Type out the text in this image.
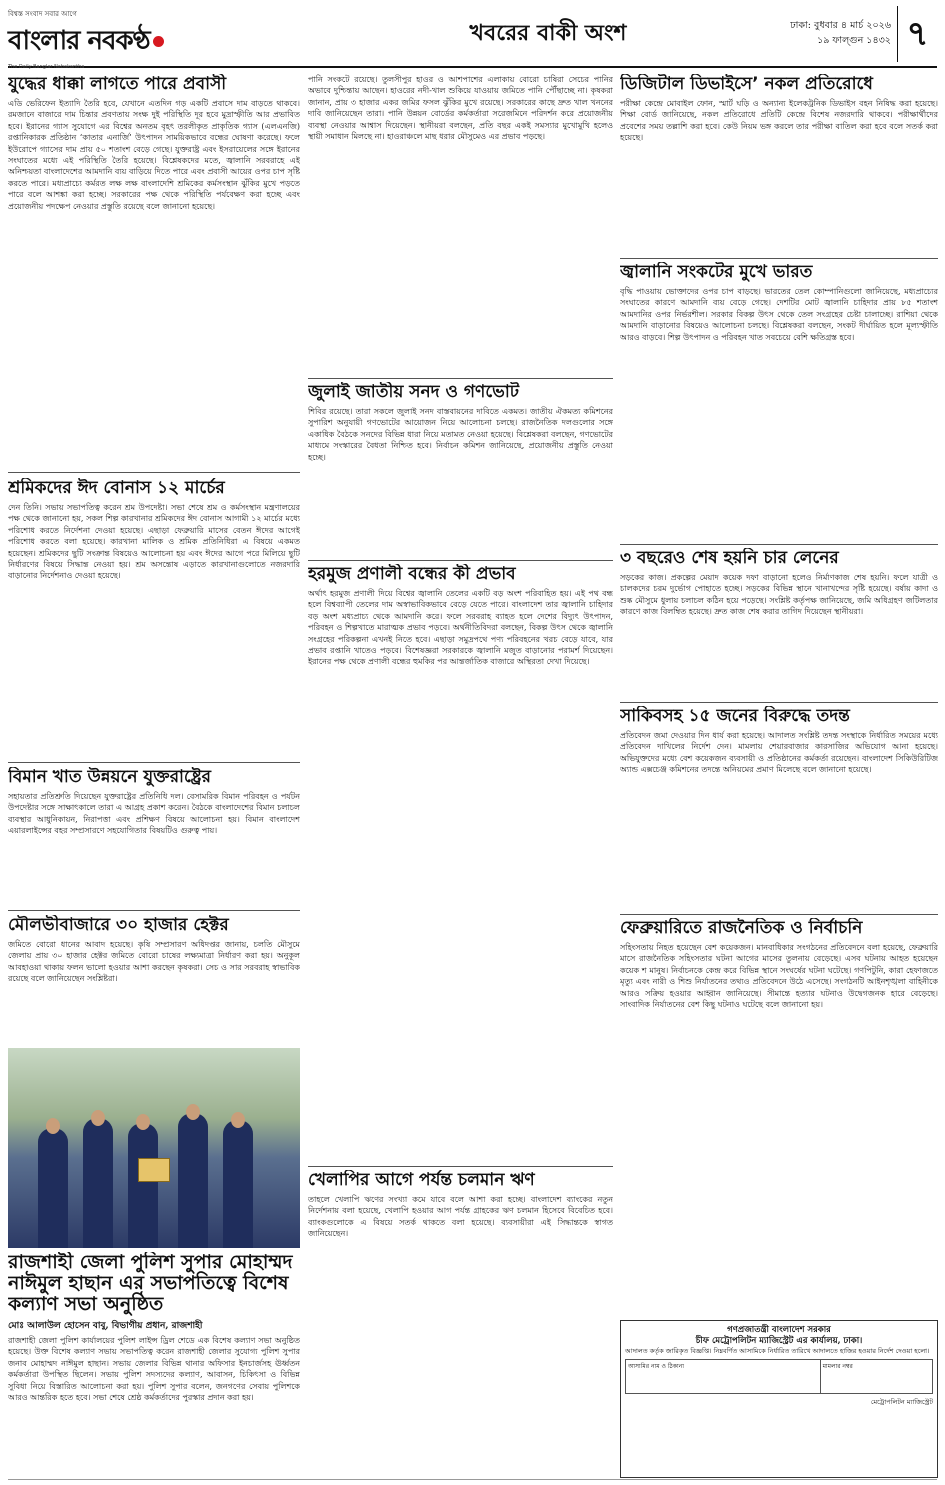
বিশ্বস্ত সংবাদ সবার আগে
বাংলার নবকণ্ঠ
The Daily Banglar Nabakantha
খবরের বাকী অংশ	ঢাকা: বুধবার ৪ মার্চ ২০২৬
১৯ ফাল্গুন ১৪৩২ ৭
যুদ্ধের ধাক্কা লাগতে পারে প্রবাসী

এডি ভেরিফেন ইত্যাদি তৈরি হবে, যেখানে এতদিন গড় একটি প্রবাসে দাম বাড়তে থাকবে। রমজানে বাজারে দাম চিন্তার প্রবণতায় সংক্ষ দুই পরিস্থিতি দূর হবে মুদ্রাস্ফীতি আর প্রভাবিত হবে। ইরানের গ্যাস সুযোগে এর বিশ্বের অনতম বৃহৎ তরলীকৃত প্রাকৃতিক গ্যাস (এলএনজি) রপ্তানিকারক প্রতিষ্ঠান ‘কাতার এনার্জি’ উৎপাদন সাময়িকভাবে বন্ধের ঘোষণা করেছে। ফলে ইউরোপে গ্যাসের দাম প্রায় ৫০ শতাংশ বেড়ে গেছে। যুক্তরাষ্ট্র এবং ইসরায়েলের সঙ্গে ইরানের সংঘাতের মধ্যে এই পরিস্থিতি তৈরি হয়েছে। বিশ্লেষকদের মতে, জ্বালানি সরবরাহে এই অনিশ্চয়তা বাংলাদেশের আমদানি ব্যয় বাড়িয়ে দিতে পারে এবং প্রবাসী আয়ের ওপর চাপ সৃষ্টি করতে পারে। মধ্যপ্রাচ্যে কর্মরত লক্ষ লক্ষ বাংলাদেশি শ্রমিকের কর্মসংস্থান ঝুঁকির মুখে পড়তে পারে বলে আশঙ্কা করা হচ্ছে। সরকারের পক্ষ থেকে পরিস্থিতি পর্যবেক্ষণ করা হচ্ছে এবং প্রয়োজনীয় পদক্ষেপ নেওয়ার প্রস্তুতি রয়েছে বলে জানানো হয়েছে।

শ্রমিকদের ঈদ বোনাস ১২ মার্চের

দেন তিনি। সভায় সভাপতিত্ব করেন শ্রম উপদেষ্টা। সভা শেষে শ্রম ও কর্মসংস্থান মন্ত্রণালয়ের পক্ষ থেকে জানানো হয়, সকল শিল্প কারখানার শ্রমিকদের ঈদ বোনাস আগামী ১২ মার্চের মধ্যে পরিশোধ করতে নির্দেশনা দেওয়া হয়েছে। এছাড়া ফেব্রুয়ারি মাসের বেতন ঈদের আগেই পরিশোধ করতে বলা হয়েছে। কারখানা মালিক ও শ্রমিক প্রতিনিধিরা এ বিষয়ে একমত হয়েছেন। শ্রমিকদের ছুটি সংক্রান্ত বিষয়েও আলোচনা হয় এবং ঈদের আগে পরে মিলিয়ে ছুটি নির্ধারণের বিষয়ে সিদ্ধান্ত নেওয়া হয়। শ্রম অসন্তোষ এড়াতে কারখানাগুলোতে নজরদারি বাড়ানোর নির্দেশনাও দেওয়া হয়েছে।

বিমান খাত উন্নয়নে যুক্তরাষ্ট্রের

সহায়তার প্রতিশ্রুতি দিয়েছেন যুক্তরাষ্ট্রের প্রতিনিধি দল। বেসামরিক বিমান পরিবহন ও পর্যটন উপদেষ্টার সঙ্গে সাক্ষাৎকালে তারা এ আগ্রহ প্রকাশ করেন। বৈঠকে বাংলাদেশের বিমান চলাচল ব্যবস্থার আধুনিকায়ন, নিরাপত্তা এবং প্রশিক্ষণ বিষয়ে আলোচনা হয়। বিমান বাংলাদেশ এয়ারলাইন্সের বহর সম্প্রসারণে সহযোগিতার বিষয়টিও গুরুত্ব পায়।

মৌলভীবাজারে ৩০ হাজার হেক্টর

জমিতে বোরো ধানের আবাদ হয়েছে। কৃষি সম্প্রসারণ অধিদপ্তর জানায়, চলতি মৌসুমে জেলায় প্রায় ৩০ হাজার হেক্টর জমিতে বোরো চাষের লক্ষ্যমাত্রা নির্ধারণ করা হয়। অনুকূল আবহাওয়া থাকায় ফলন ভালো হওয়ার আশা করছেন কৃষকরা। সেচ ও সার সরবরাহ স্বাভাবিক রয়েছে বলে জানিয়েছেন সংশ্লিষ্টরা।

রাজশাহী জেলা পুলিশ সুপার মোহাম্মদ নাঈমুল হাছান এর সভাপতিত্বে বিশেষ কল্যাণ সভা অনুষ্ঠিত
মোঃ আলাউল হোসেন বাবু, বিভাগীয় প্রধান, রাজশাহী

রাজশাহী জেলা পুলিশ কার্যালয়ের পুলিশ লাইন্স ড্রিল শেডে এক বিশেষ কল্যাণ সভা অনুষ্ঠিত হয়েছে। উক্ত বিশেষ কল্যাণ সভায় সভাপতিত্ব করেন রাজশাহী জেলার সুযোগ্য পুলিশ সুপার জনাব মোহাম্মদ নাঈমুল হাছান। সভায় জেলার বিভিন্ন থানার অফিসার ইনচার্জসহ ঊর্ধ্বতন কর্মকর্তারা উপস্থিত ছিলেন। সভায় পুলিশ সদস্যদের কল্যাণ, আবাসন, চিকিৎসা ও বিভিন্ন সুবিধা নিয়ে বিস্তারিত আলোচনা করা হয়। পুলিশ সুপার বলেন, জনগণের সেবায় পুলিশকে আরও আন্তরিক হতে হবে। সভা শেষে শ্রেষ্ঠ কর্মকর্তাদের পুরস্কার প্রদান করা হয়।

পানি সংকটে রয়েছে। তুলসীপুর হাওর ও আশপাশের এলাকায় বোরো চাষিরা সেচের পানির অভাবে দুশ্চিন্তায় আছেন। হাওরের নদী-খাল শুকিয়ে যাওয়ায় জমিতে পানি পৌঁছাচ্ছে না। কৃষকরা জানান, প্রায় ৩ হাজার একর জমির ফসল ঝুঁকির মুখে রয়েছে। সরকারের কাছে দ্রুত খাল খননের দাবি জানিয়েছেন তারা। পানি উন্নয়ন বোর্ডের কর্মকর্তারা সরেজমিনে পরিদর্শন করে প্রয়োজনীয় ব্যবস্থা নেওয়ার আশ্বাস দিয়েছেন। স্থানীয়রা বলছেন, প্রতি বছর একই সমস্যার মুখোমুখি হলেও স্থায়ী সমাধান মিলছে না। হাওরাঞ্চলে মাছ ধরার মৌসুমেও এর প্রভাব পড়ছে।

জুলাই জাতীয় সনদ ও গণভোট

শিবির রয়েছে। তারা সকলে জুলাই সনদ বাস্তবায়নের দাবিতে একমত। জাতীয় ঐকমত্য কমিশনের সুপারিশ অনুযায়ী গণভোটের আয়োজন নিয়ে আলোচনা চলছে। রাজনৈতিক দলগুলোর সঙ্গে একাধিক বৈঠকে সনদের বিভিন্ন ধারা নিয়ে মতামত নেওয়া হয়েছে। বিশ্লেষকরা বলছেন, গণভোটের মাধ্যমে সংস্কারের বৈধতা নিশ্চিত হবে। নির্বাচন কমিশন জানিয়েছে, প্রয়োজনীয় প্রস্তুতি নেওয়া হচ্ছে।

হরমুজ প্রণালী বন্ধের কী প্রভাব

অর্থাৎ হরমুজ প্রণালী দিয়ে বিশ্বের জ্বালানি তেলের একটি বড় অংশ পরিবাহিত হয়। এই পথ বন্ধ হলে বিশ্বব্যাপী তেলের দাম অস্বাভাবিকভাবে বেড়ে যেতে পারে। বাংলাদেশ তার জ্বালানি চাহিদার বড় অংশ মধ্যপ্রাচ্য থেকে আমদানি করে। ফলে সরবরাহ ব্যাহত হলে দেশের বিদ্যুৎ উৎপাদন, পরিবহন ও শিল্পখাতে মারাত্মক প্রভাব পড়বে। অর্থনীতিবিদরা বলছেন, বিকল্প উৎস থেকে জ্বালানি সংগ্রহের পরিকল্পনা এখনই নিতে হবে। এছাড়া সমুদ্রপথে পণ্য পরিবহনের খরচ বেড়ে যাবে, যার প্রভাব রপ্তানি খাতেও পড়বে। বিশেষজ্ঞরা সরকারকে জ্বালানি মজুত বাড়ানোর পরামর্শ দিয়েছেন। ইরানের পক্ষ থেকে প্রণালী বন্ধের হুমকির পর আন্তর্জাতিক বাজারে অস্থিরতা দেখা দিয়েছে।

খেলাপির আগে পর্যন্ত চলমান ঋণ

তাহলে খেলাপি ঋণের সংখ্যা কমে যাবে বলে আশা করা হচ্ছে। বাংলাদেশ ব্যাংকের নতুন নির্দেশনায় বলা হয়েছে, খেলাপি হওয়ার আগ পর্যন্ত গ্রাহকের ঋণ চলমান হিসেবে বিবেচিত হবে। ব্যাংকগুলোকে এ বিষয়ে সতর্ক থাকতে বলা হয়েছে। ব্যবসায়ীরা এই সিদ্ধান্তকে স্বাগত জানিয়েছেন।

ডিজিটাল ডিভাইসে’ নকল প্রতিরোধে

পরীক্ষা কেন্দ্রে মোবাইল ফোন, স্মার্ট ঘড়ি ও অন্যান্য ইলেকট্রনিক ডিভাইস বহন নিষিদ্ধ করা হয়েছে। শিক্ষা বোর্ড জানিয়েছে, নকল প্রতিরোধে প্রতিটি কেন্দ্রে বিশেষ নজরদারি থাকবে। পরীক্ষার্থীদের প্রবেশের সময় তল্লাশি করা হবে। কেউ নিয়ম ভঙ্গ করলে তার পরীক্ষা বাতিল করা হবে বলে সতর্ক করা হয়েছে।

জ্বালানি সংকটের মুখে ভারত

বৃদ্ধি পাওয়ায় ভোক্তাদের ওপর চাপ বাড়ছে। ভারতের তেল কোম্পানিগুলো জানিয়েছে, মধ্যপ্রাচ্যের সংঘাতের কারণে আমদানি ব্যয় বেড়ে গেছে। দেশটির মোট জ্বালানি চাহিদার প্রায় ৮৫ শতাংশ আমদানির ওপর নির্ভরশীল। সরকার বিকল্প উৎস থেকে তেল সংগ্রহের চেষ্টা চালাচ্ছে। রাশিয়া থেকে আমদানি বাড়ানোর বিষয়েও আলোচনা চলছে। বিশ্লেষকরা বলছেন, সংকট দীর্ঘায়িত হলে মূল্যস্ফীতি আরও বাড়বে। শিল্প উৎপাদন ও পরিবহন খাত সবচেয়ে বেশি ক্ষতিগ্রস্ত হবে।

৩ বছরেও শেষ হয়নি চার লেনের

সড়কের কাজ। প্রকল্পের মেয়াদ কয়েক দফা বাড়ানো হলেও নির্মাণকাজ শেষ হয়নি। ফলে যাত্রী ও চালকদের চরম দুর্ভোগ পোহাতে হচ্ছে। সড়কের বিভিন্ন স্থানে খানাখন্দের সৃষ্টি হয়েছে। বর্ষায় কাদা ও শুষ্ক মৌসুমে ধুলায় চলাচল কঠিন হয়ে পড়েছে। সংশ্লিষ্ট কর্তৃপক্ষ জানিয়েছে, জমি অধিগ্রহণ জটিলতার কারণে কাজ বিলম্বিত হয়েছে। দ্রুত কাজ শেষ করার তাগিদ দিয়েছেন স্থানীয়রা।

সাকিবসহ ১৫ জনের বিরুদ্ধে তদন্ত

প্রতিবেদন জমা দেওয়ার দিন ধার্য করা হয়েছে। আদালত সংশ্লিষ্ট তদন্ত সংস্থাকে নির্ধারিত সময়ের মধ্যে প্রতিবেদন দাখিলের নির্দেশ দেন। মামলায় শেয়ারবাজার কারসাজির অভিযোগ আনা হয়েছে। অভিযুক্তদের মধ্যে বেশ কয়েকজন ব্যবসায়ী ও প্রতিষ্ঠানের কর্মকর্তা রয়েছেন। বাংলাদেশ সিকিউরিটিজ অ্যান্ড এক্সচেঞ্জ কমিশনের তদন্তে অনিয়মের প্রমাণ মিলেছে বলে জানানো হয়েছে।

ফেব্রুয়ারিতে রাজনৈতিক ও নির্বাচনি

সহিংসতায় নিহত হয়েছেন বেশ কয়েকজন। মানবাধিকার সংগঠনের প্রতিবেদনে বলা হয়েছে, ফেব্রুয়ারি মাসে রাজনৈতিক সহিংসতার ঘটনা আগের মাসের তুলনায় বেড়েছে। এসব ঘটনায় আহত হয়েছেন কয়েক শ মানুষ। নির্বাচনকে কেন্দ্র করে বিভিন্ন স্থানে সংঘর্ষের ঘটনা ঘটেছে। গণপিটুনি, কারা হেফাজতে মৃত্যু এবং নারী ও শিশু নির্যাতনের তথ্যও প্রতিবেদনে উঠে এসেছে। সংগঠনটি আইনশৃঙ্খলা বাহিনীকে আরও সক্রিয় হওয়ার আহ্বান জানিয়েছে। সীমান্তে হত্যার ঘটনাও উদ্বেগজনক হারে বেড়েছে। সাংবাদিক নির্যাতনের বেশ কিছু ঘটনাও ঘটেছে বলে জানানো হয়।

গণপ্রজাতন্ত্রী বাংলাদেশ সরকার
চীফ মেট্রোপলিটন ম্যাজিস্ট্রেট এর কার্যালয়, ঢাকা।
আদালত কর্তৃক জারিকৃত বিজ্ঞপ্তি। নিম্নবর্ণিত আসামিকে নির্ধারিত তারিখে আদালতে হাজির হওয়ার নির্দেশ দেওয়া হলো।
আসামির নাম ও ঠিকানা	মামলার নম্বর
মেট্রোপলিটন ম্যাজিস্ট্রেট
